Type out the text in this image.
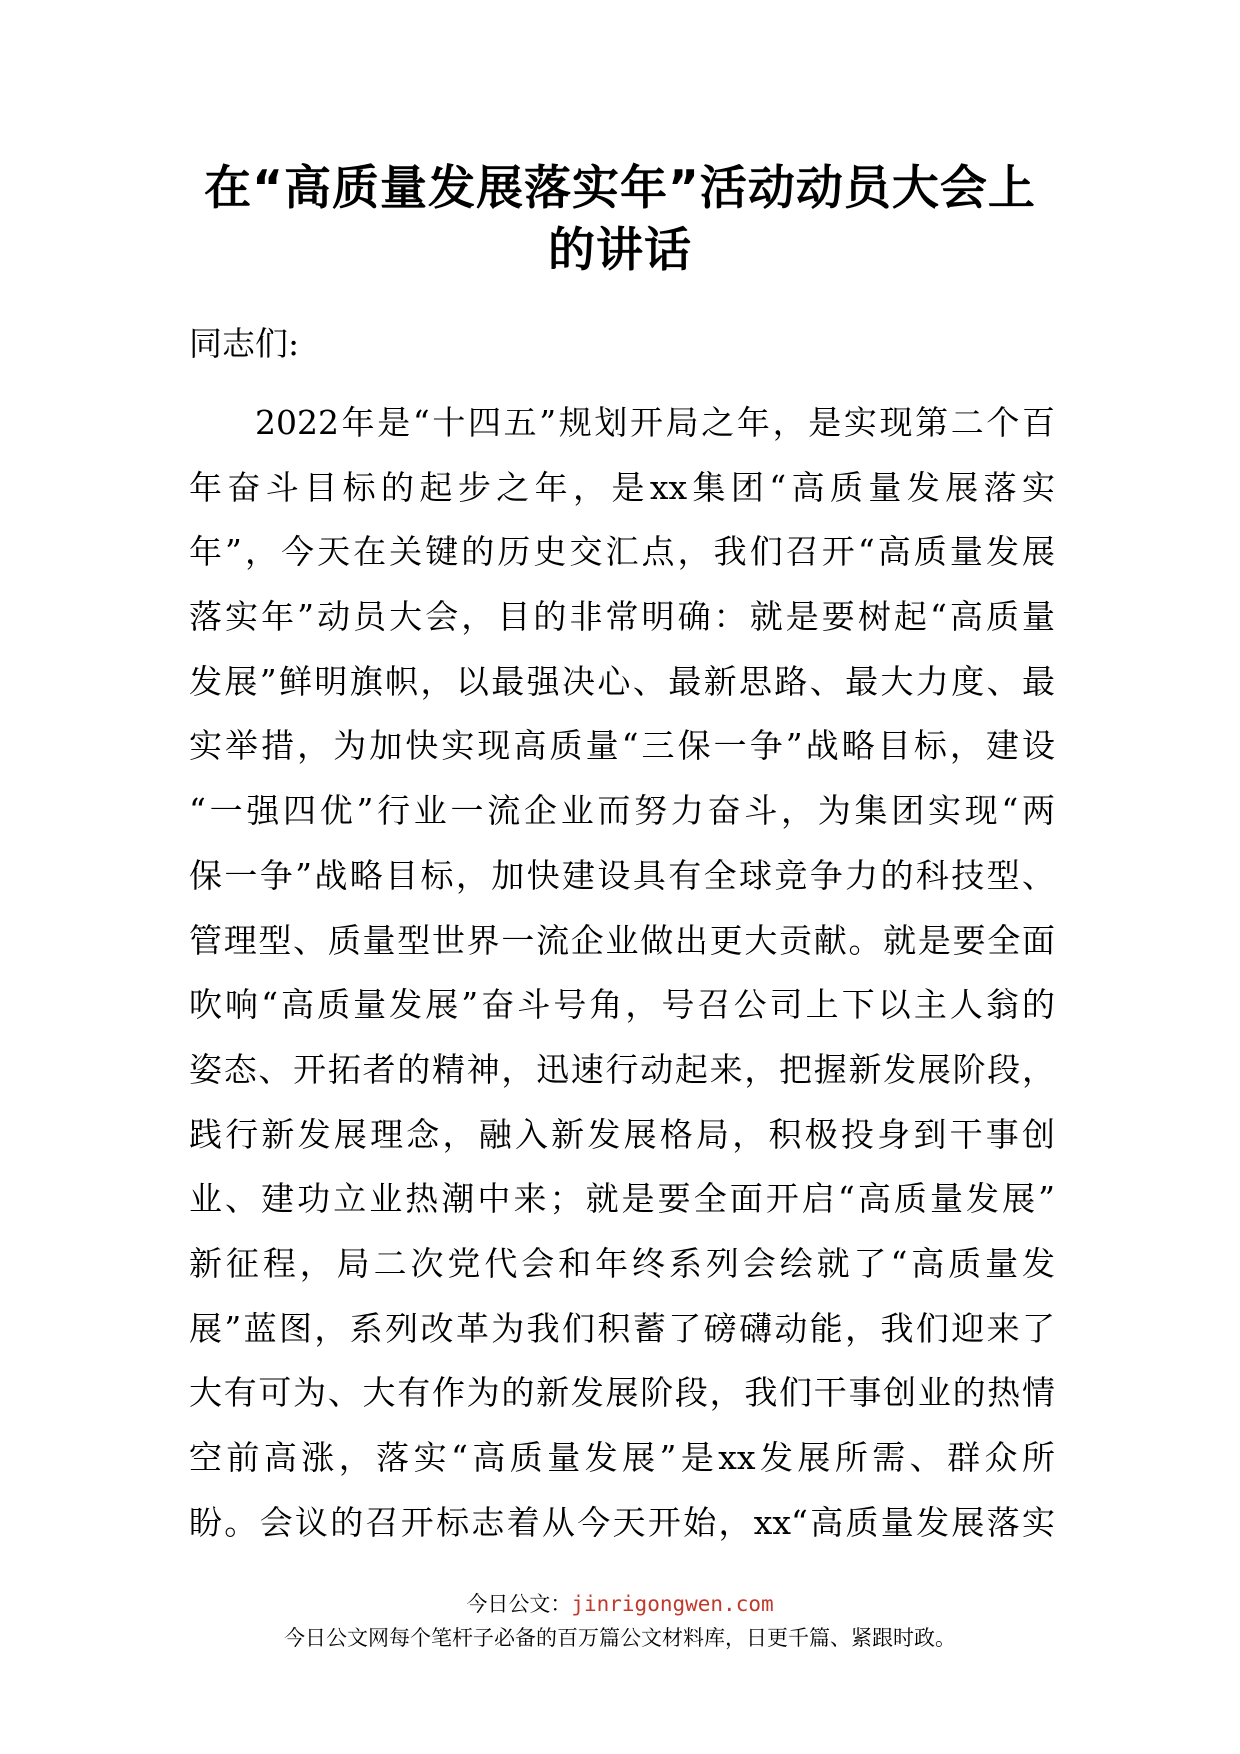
在“高质量发展落实年”活动动员大会上
的讲话

同志们:

2022年是“十四五”规划开局之年，是实现第二个百
年奋斗目标的起步之年，是xx集团“高质量发展落实
年”，今天在关键的历史交汇点，我们召开“高质量发展
落实年”动员大会，目的非常明确：就是要树起“高质量
发展”鲜明旗帜，以最强决心、最新思路、最大力度、最
实举措，为加快实现高质量“三保一争”战略目标，建设
“一强四优”行业一流企业而努力奋斗，为集团实现“两
保一争”战略目标，加快建设具有全球竞争力的科技型、
管理型、质量型世界一流企业做出更大贡献。就是要全面
吹响“高质量发展”奋斗号角，号召公司上下以主人翁的
姿态、开拓者的精神，迅速行动起来，把握新发展阶段，
践行新发展理念，融入新发展格局，积极投身到干事创
业、建功立业热潮中来；就是要全面开启“高质量发展”
新征程，局二次党代会和年终系列会绘就了“高质量发
展”蓝图，系列改革为我们积蓄了磅礴动能，我们迎来了
大有可为、大有作为的新发展阶段，我们干事创业的热情
空前高涨，落实“高质量发展”是xx发展所需、群众所
盼。会议的召开标志着从今天开始，xx“高质量发展落实

今日公文：jinrigongwen.com

今日公文网每个笔杆子必备的百万篇公文材料库，日更千篇、紧跟时政。
